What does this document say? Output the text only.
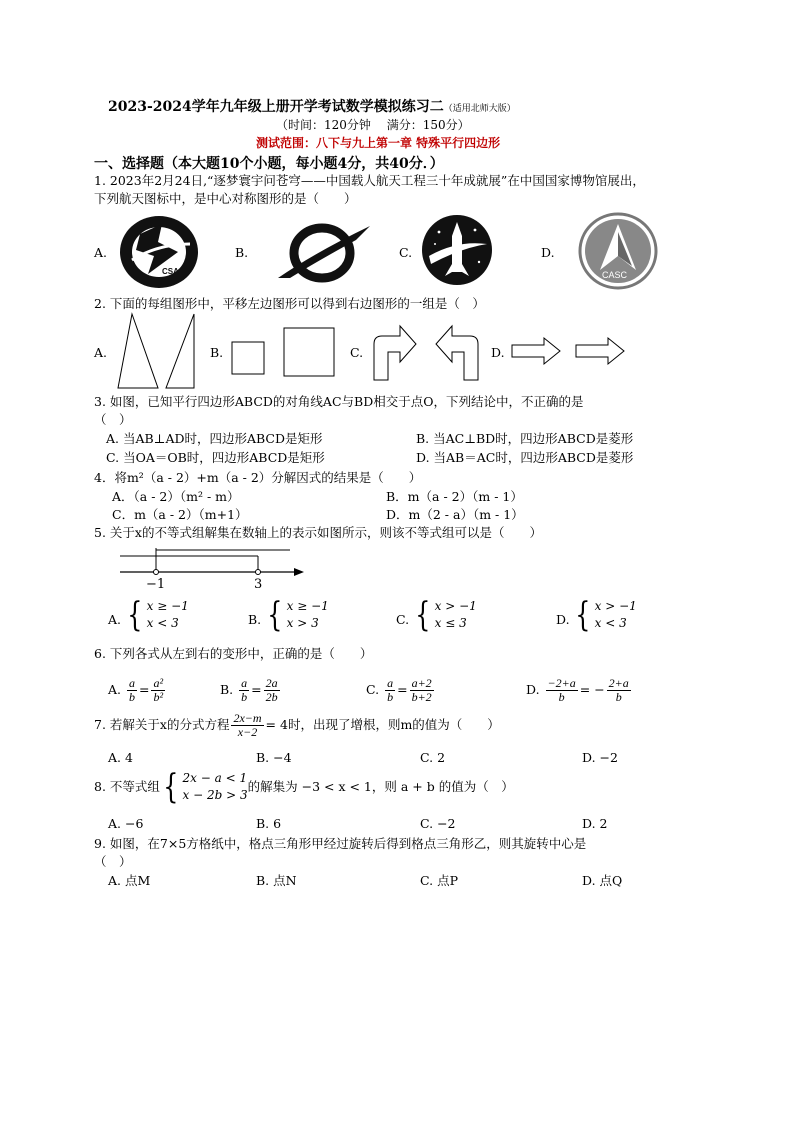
2023-2024学年九年级上册开学考试数学模拟练习二（适用北师大版）
（时间：120分钟　 满分：150分）
测试范围：八下与九上第一章 特殊平行四边形
一、选择题（本大题10个小题，每小题4分，共40分．）
1. 2023年2月24日,“逐梦寰宇问苍穹——中国载人航天工程三十年成就展”在中国国家博物馆展出，
下列航天图标中，是中心对称图形的是（　　）
A.	B.	C.	D.
CSA	CASC
2. 下面的每组图形中，平移左边图形可以得到右边图形的一组是（　）
A.	B.	C.	D.
3. 如图，已知平行四边形ABCD的对角线AC与BD相交于点O，下列结论中，不正确的是
（　）
A. 当AB⊥AD时，四边形ABCD是矩形	B. 当AC⊥BD时，四边形ABCD是菱形
C. 当OA＝OB时，四边形ABCD是矩形	D. 当AB＝AC时，四边形ABCD是菱形
4．将m²（a - 2）+m（a - 2）分解因式的结果是（　　）
A．（a - 2）（m² - m）	B．m（a - 2）（m - 1）
C．m（a - 2）（m+1）	D．m（2 - a）（m - 1）
5. 关于x的不等式组解集在数轴上的表示如图所示，则该不等式组可以是（　　）
−1	3
A. { x ≥ −1
x < 3	B. { x ≥ −1
x > 3	C. { x > −1
x ≤ 3	D. { x > −1
x < 3
6. 下列各式从左到右的变形中，正确的是（　　）
A. $\frac{a}{b} = \frac{\text{a²}}{\text{b²}}$	B. $\frac{a}{b} = \frac{2a}{2b}$	C. $\frac{a}{b} = \frac{a+2}{b+2}$	D. $\frac{-2+a}{b}$ = − $\frac{2+a}{b}$
7. 若解关于x的分式方程 $\frac{2x-m}{x-2} = 4$时，出现了增根，则m的值为（　　）
A. 4	B. −4	C. 2	D. −2
8. 不等式组 { 2x − a < 1
x − 2b > 3
的解集为 −3 < x < 1，则 a + b 的值为（　）
A. −6	B. 6	C. −2	D. 2
9. 如图，在7×5方格纸中，格点三角形甲经过旋转后得到格点三角形乙，则其旋转中心是
（　）
A. 点M	B. 点N	C. 点P	D. 点Q
